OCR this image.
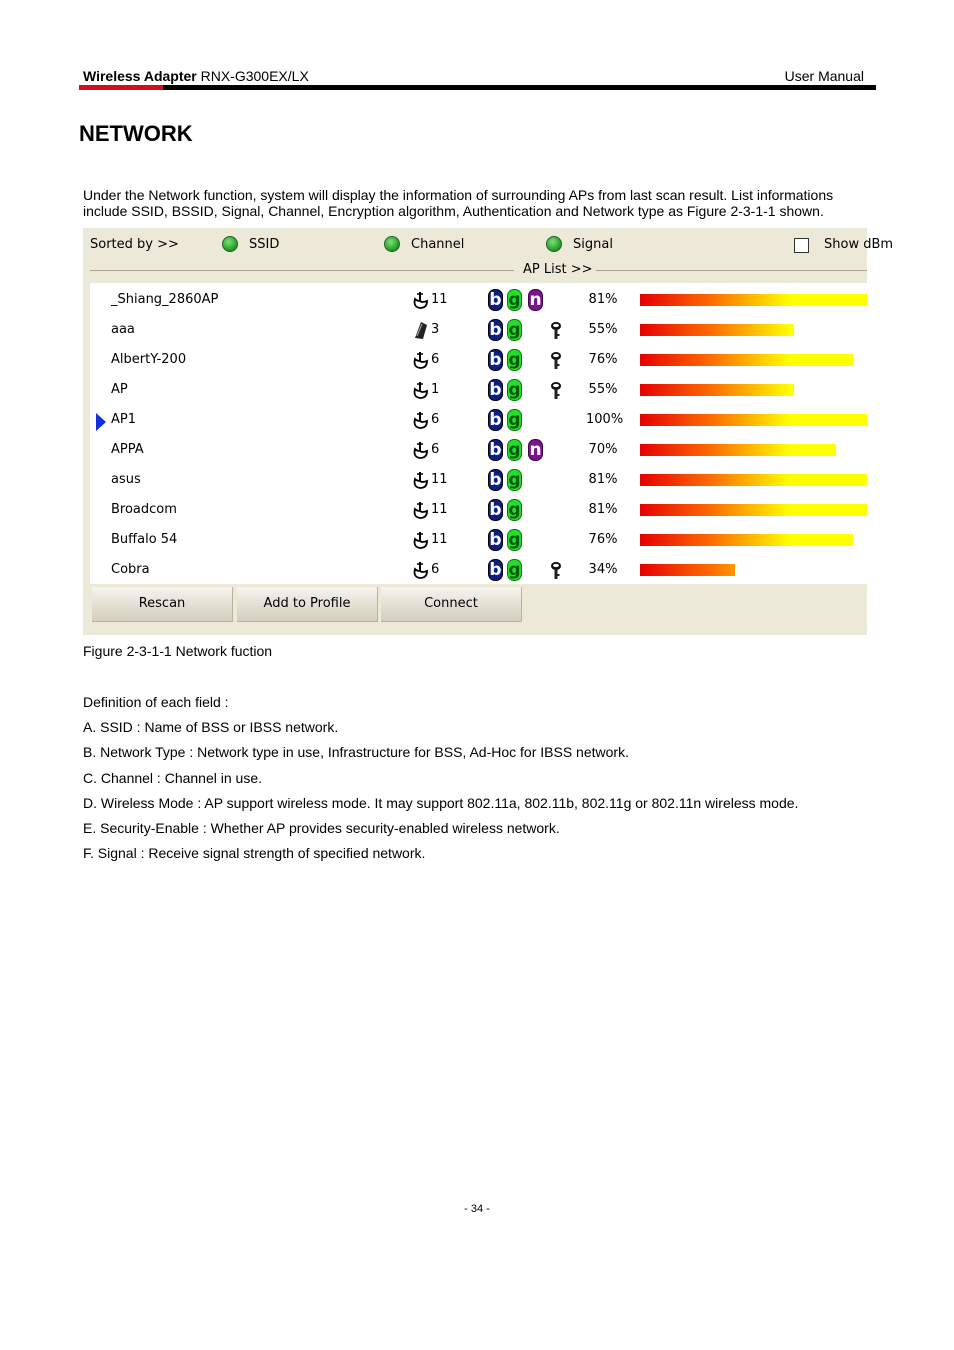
Wireless Adapter RNX-G300EX/LX	User Manual
NETWORK
Under the Network function, system will display the information of surrounding APs from last scan result. List informations include SSID, BSSID, Signal, Channel, Encryption algorithm, Authentication and Network type as Figure 2-3-1-1 shown.
Sorted by >>	SSID	Channel	Signal	Show dBm
AP List >>
_Shiang_2860AP	11 b g n	81%
aaa	3	b g	55%
AlbertY-200	6	b g	76%
AP	1	b g	55%
AP1	6	b g	100%
APPA	6	b g n	70%
asus	11 b g	81%
Broadcom	11 b g	81%
Buffalo 54	11 b g	76%
Cobra	6	b g	34%
Rescan	Add to Profile	Connect
Figure 2-3-1-1 Network fuction
Definition of each field :
A. SSID : Name of BSS or IBSS network.
B. Network Type : Network type in use, Infrastructure for BSS, Ad-Hoc for IBSS network.
C. Channel : Channel in use.
D. Wireless Mode : AP support wireless mode. It may support 802.11a, 802.11b, 802.11g or 802.11n wireless mode.
E. Security-Enable : Whether AP provides security-enabled wireless network.
F. Signal : Receive signal strength of specified network.
- 34 -
